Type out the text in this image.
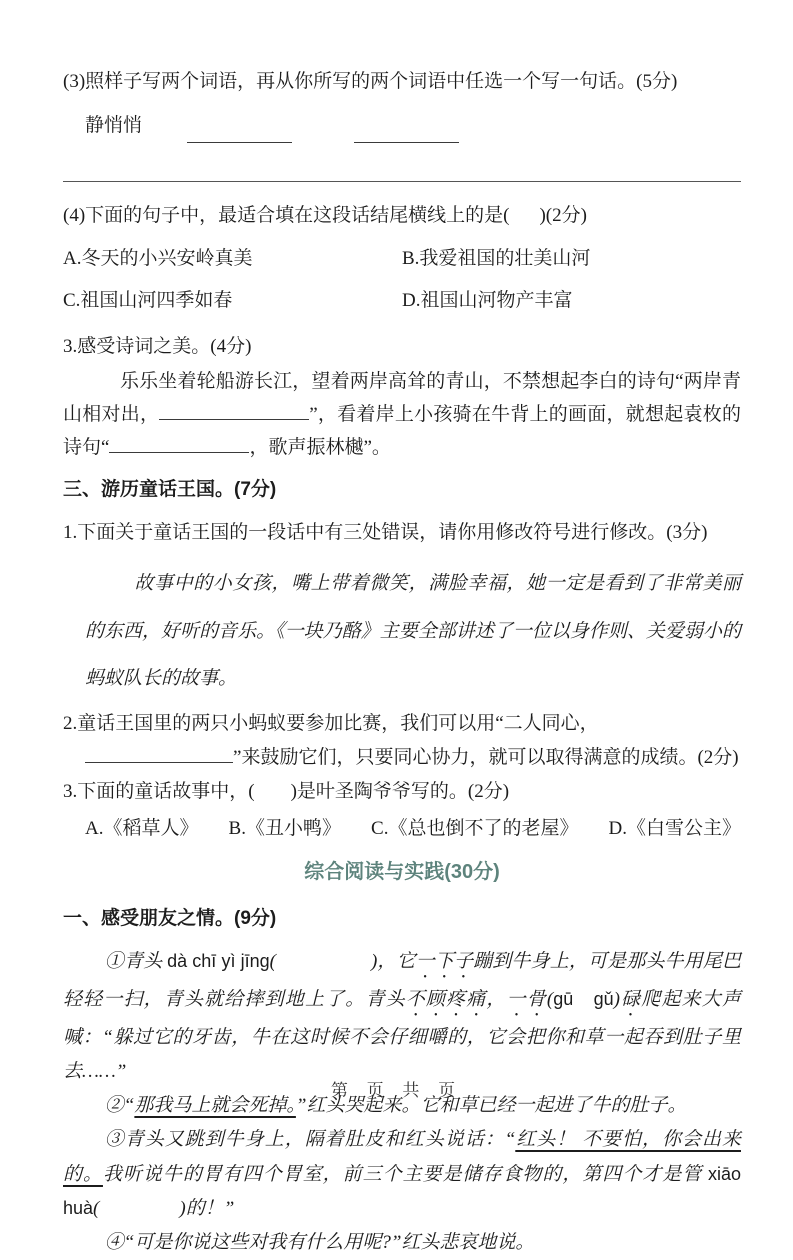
(3)照样子写两个词语，再从你所写的两个词语中任选一个写一句话。(5分)
静悄悄
(4)下面的句子中，最适合填在这段话结尾横线上的是( )(2分)
A.冬天的小兴安岭真美	B.我爱祖国的壮美山河
C.祖国山河四季如春	D.祖国山河物产丰富
3.感受诗词之美。(4分)

乐乐坐着轮船游长江，望着两岸高耸的青山，不禁想起李白的诗句“两岸青山相对出，	”，看着岸上小孩骑在牛背上的画面，就想起袁枚的诗句“	，歌声振林樾”。

三、游历童话王国。(7分)
1.下面关于童话王国的一段话中有三处错误，请你用修改符号进行修改。(3分)

故事中的小女孩，嘴上带着微笑，满脸幸福，她一定是看到了非常美丽的东西，好听的音乐。《一块乃酪》主要全部讲述了一位以身作则、关爱弱小的蚂蚁队长的故事。

2.童话王国里的两只小蚂蚁要参加比赛，我们可以用“二人同心，”来鼓励它们，只要同心协力，就可以取得满意的成绩。(2分)
3.下面的童话故事中，( )是叶圣陶爷爷写的。(2分)
A.《稻草人》 B.《丑小鸭》 C.《总也倒不了的老屋》 D.《白雪公主》
综合阅读与实践(30分)
一、感受朋友之情。(9分)

①青头 dà chī yì jīng(	)，它一下子蹦到牛身上，可是那头牛用尾巴轻轻一扫，青头就给摔到地上了。青头不顾疼痛，一骨(gū　gǔ)碌爬起来大声喊：“躲过它的牙齿，牛在这时候不会仔细嚼的，它会把你和草一起吞到肚子里去……”

②“那我马上就会死掉。”红头哭起来。它和草已经一起进了牛的肚子。

③青头又跳到牛身上，隔着肚皮和红头说话：“红头！ 不要怕，你会出来的。我听说牛的胃有四个胃室，前三个主要是储存食物的，第四个才是管 xiāo huà(	)的！”

④“可是你说这些对我有什么用呢?”红头悲哀地说。

第 页 共 页
